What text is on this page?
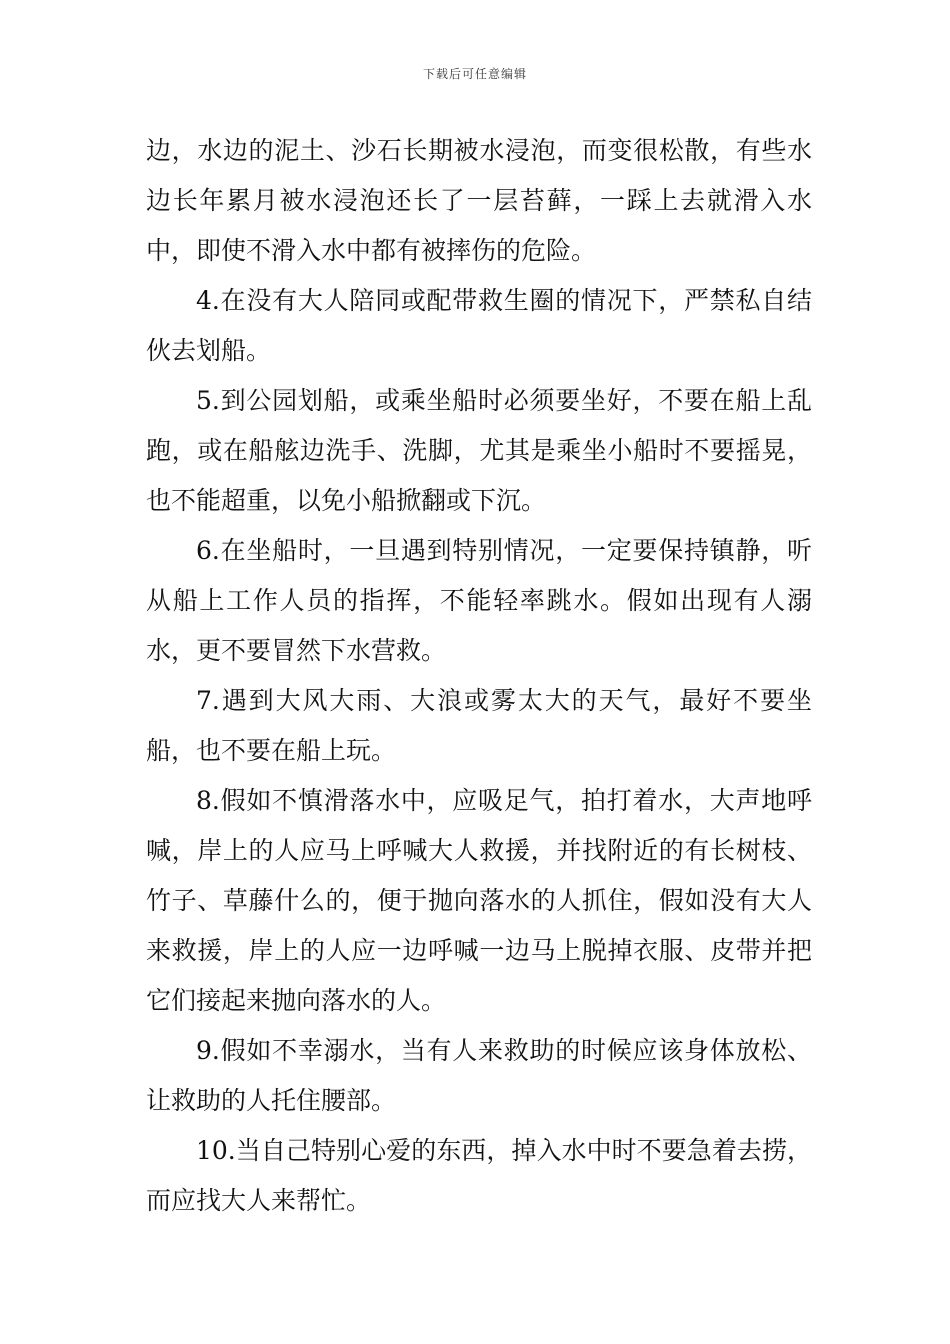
下载后可任意编辑

边，水边的泥土、沙石长期被水浸泡，而变很松散，有些水边长年累月被水浸泡还长了一层苔藓，一踩上去就滑入水中，即使不滑入水中都有被摔伤的危险。

4.在没有大人陪同或配带救生圈的情况下，严禁私自结伙去划船。

5.到公园划船，或乘坐船时必须要坐好，不要在船上乱跑，或在船舷边洗手、洗脚，尤其是乘坐小船时不要摇晃，也不能超重，以免小船掀翻或下沉。

6.在坐船时，一旦遇到特别情况，一定要保持镇静，听从船上工作人员的指挥，不能轻率跳水。假如出现有人溺水，更不要冒然下水营救。

7.遇到大风大雨、大浪或雾太大的天气，最好不要坐船，也不要在船上玩。

8.假如不慎滑落水中，应吸足气，拍打着水，大声地呼喊，岸上的人应马上呼喊大人救援，并找附近的有长树枝、竹子、草藤什么的，便于抛向落水的人抓住，假如没有大人来救援，岸上的人应一边呼喊一边马上脱掉衣服、皮带并把它们接起来抛向落水的人。

9.假如不幸溺水，当有人来救助的时候应该身体放松、让救助的人托住腰部。

10.当自己特别心爱的东西，掉入水中时不要急着去捞，而应找大人来帮忙。
